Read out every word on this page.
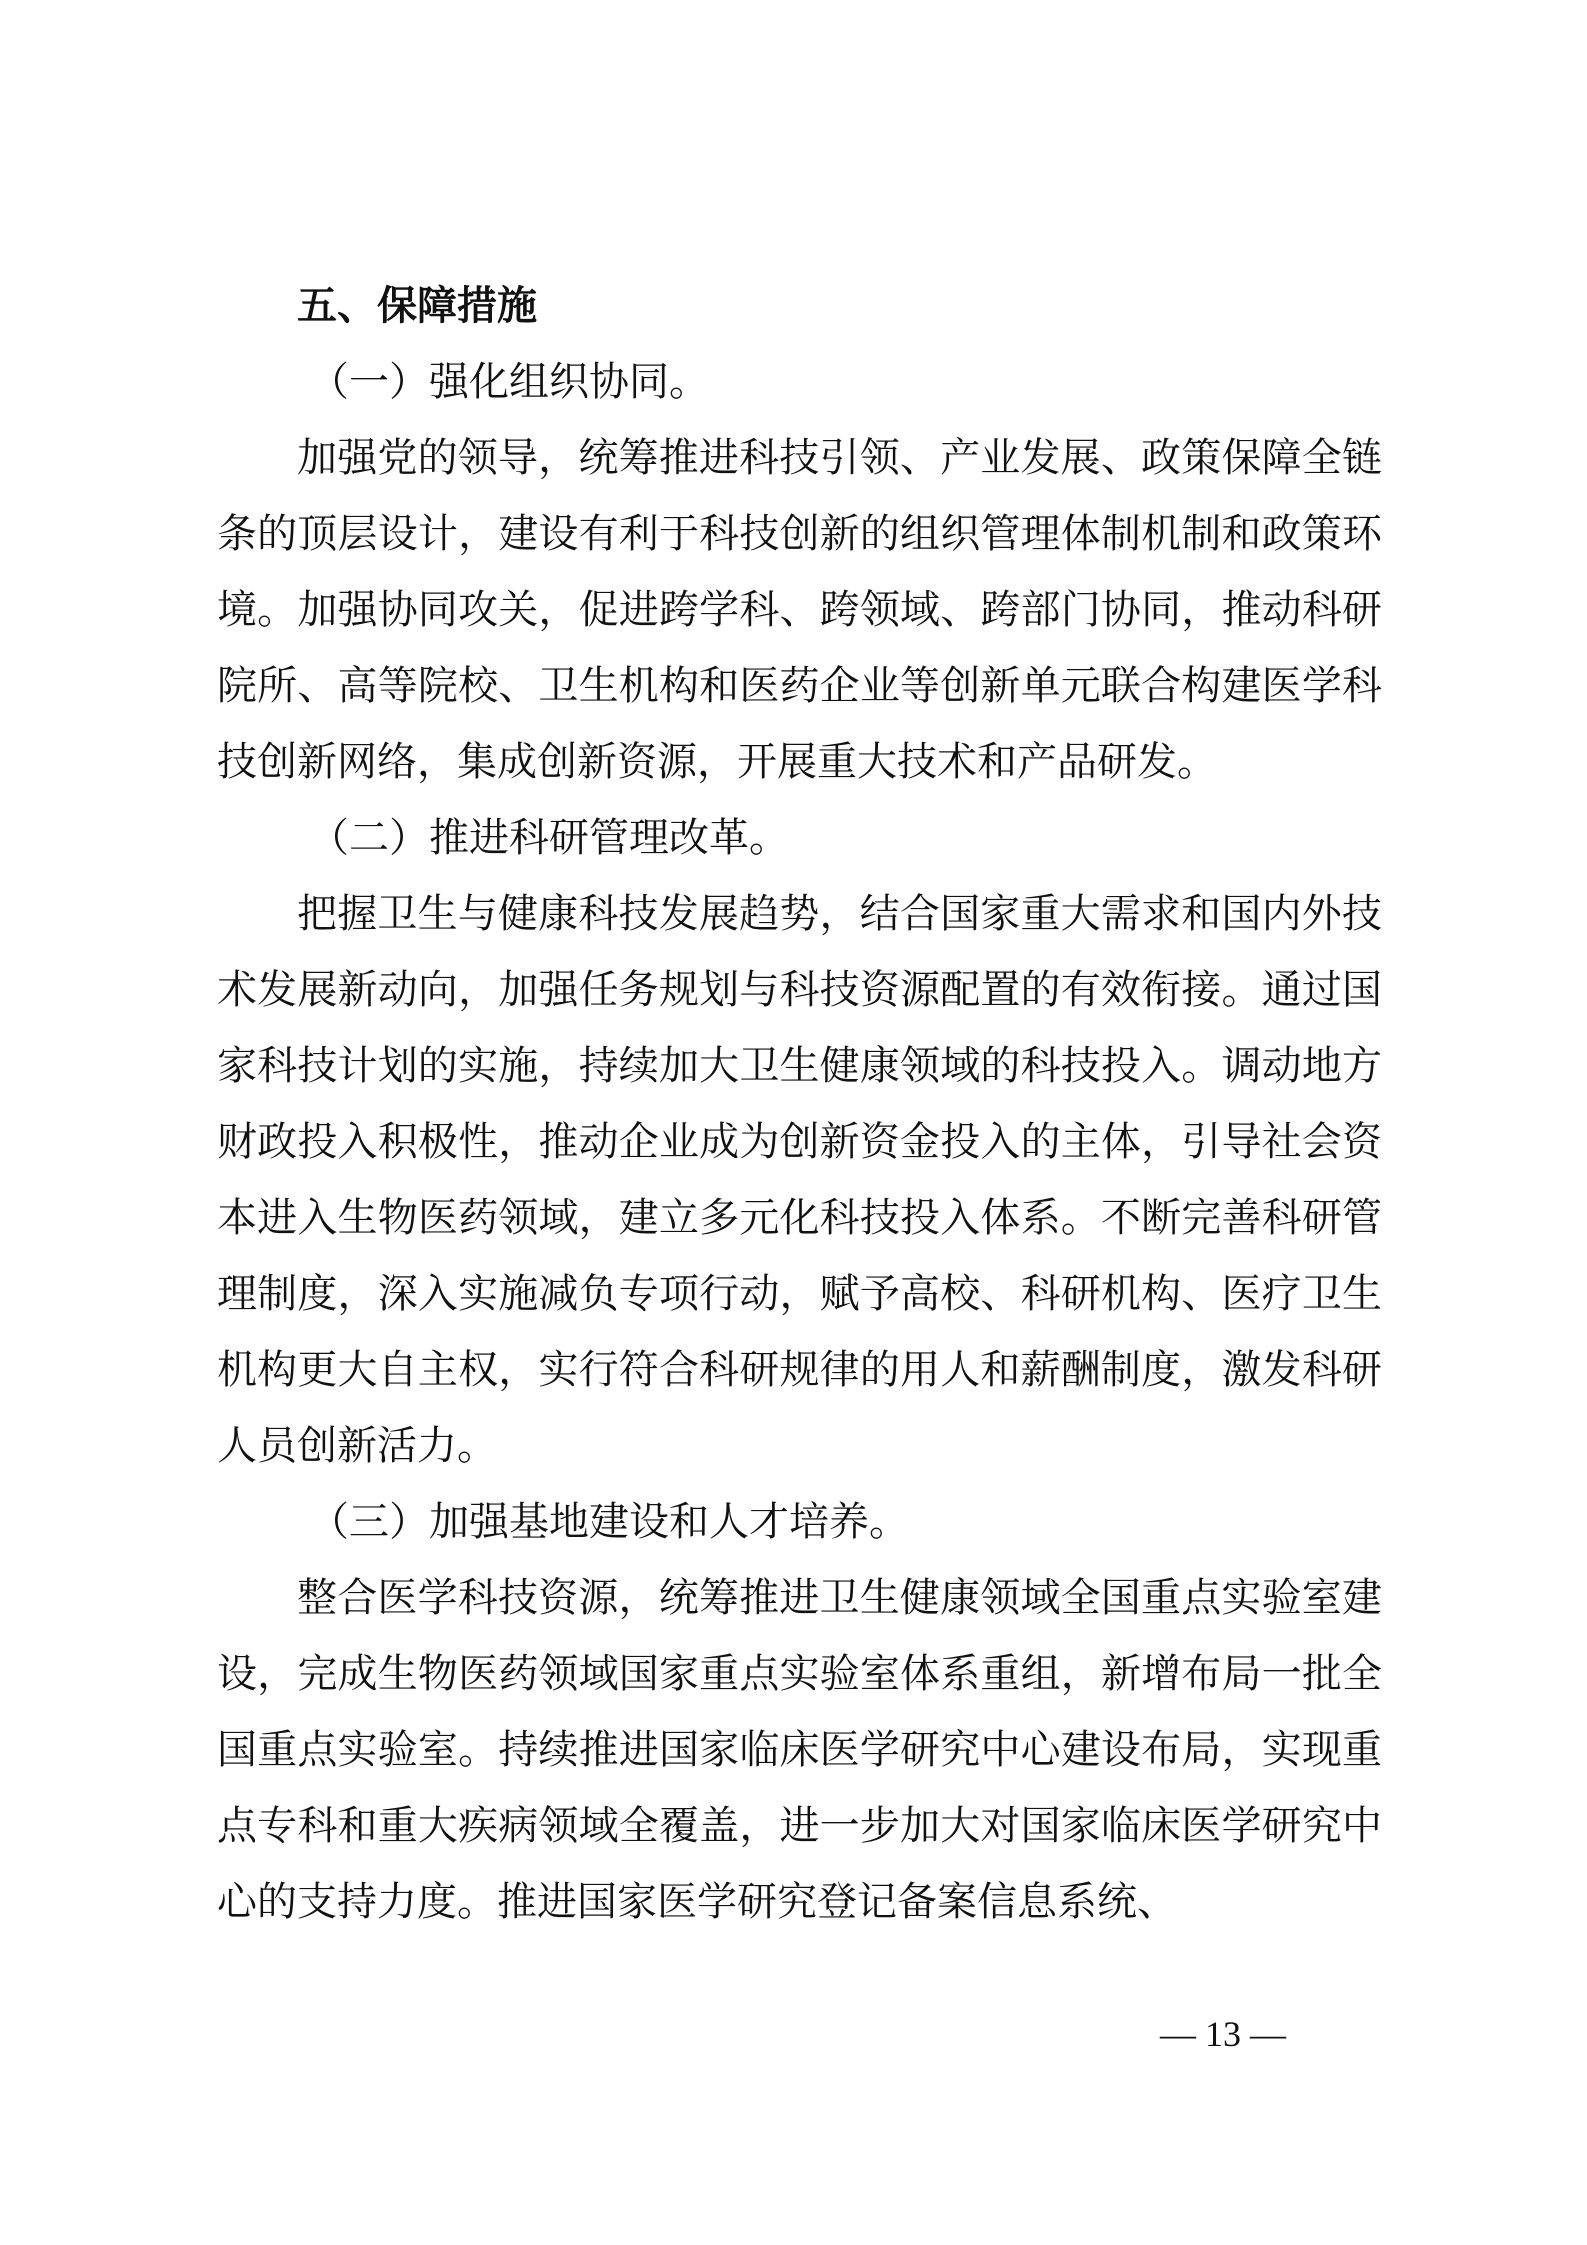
五、保障措施
（一）强化组织协同。

加强党的领导，统筹推进科技引领、产业发展、政策保障全链条的顶层设计，建设有利于科技创新的组织管理体制机制和政策环境。加强协同攻关，促进跨学科、跨领域、跨部门协同，推动科研院所、高等院校、卫生机构和医药企业等创新单元联合构建医学科技创新网络，集成创新资源，开展重大技术和产品研发。

（二）推进科研管理改革。

把握卫生与健康科技发展趋势，结合国家重大需求和国内外技术发展新动向，加强任务规划与科技资源配置的有效衔接。通过国家科技计划的实施，持续加大卫生健康领域的科技投入。调动地方财政投入积极性，推动企业成为创新资金投入的主体，引导社会资本进入生物医药领域，建立多元化科技投入体系。不断完善科研管理制度，深入实施减负专项行动，赋予高校、科研机构、医疗卫生机构更大自主权，实行符合科研规律的用人和薪酬制度，激发科研人员创新活力。

（三）加强基地建设和人才培养。

整合医学科技资源，统筹推进卫生健康领域全国重点实验室建设，完成生物医药领域国家重点实验室体系重组，新增布局一批全国重点实验室。持续推进国家临床医学研究中心建设布局，实现重点专科和重大疾病领域全覆盖，进一步加大对国家临床医学研究中心的支持力度。推进国家医学研究登记备案信息系统、

— 13 —
